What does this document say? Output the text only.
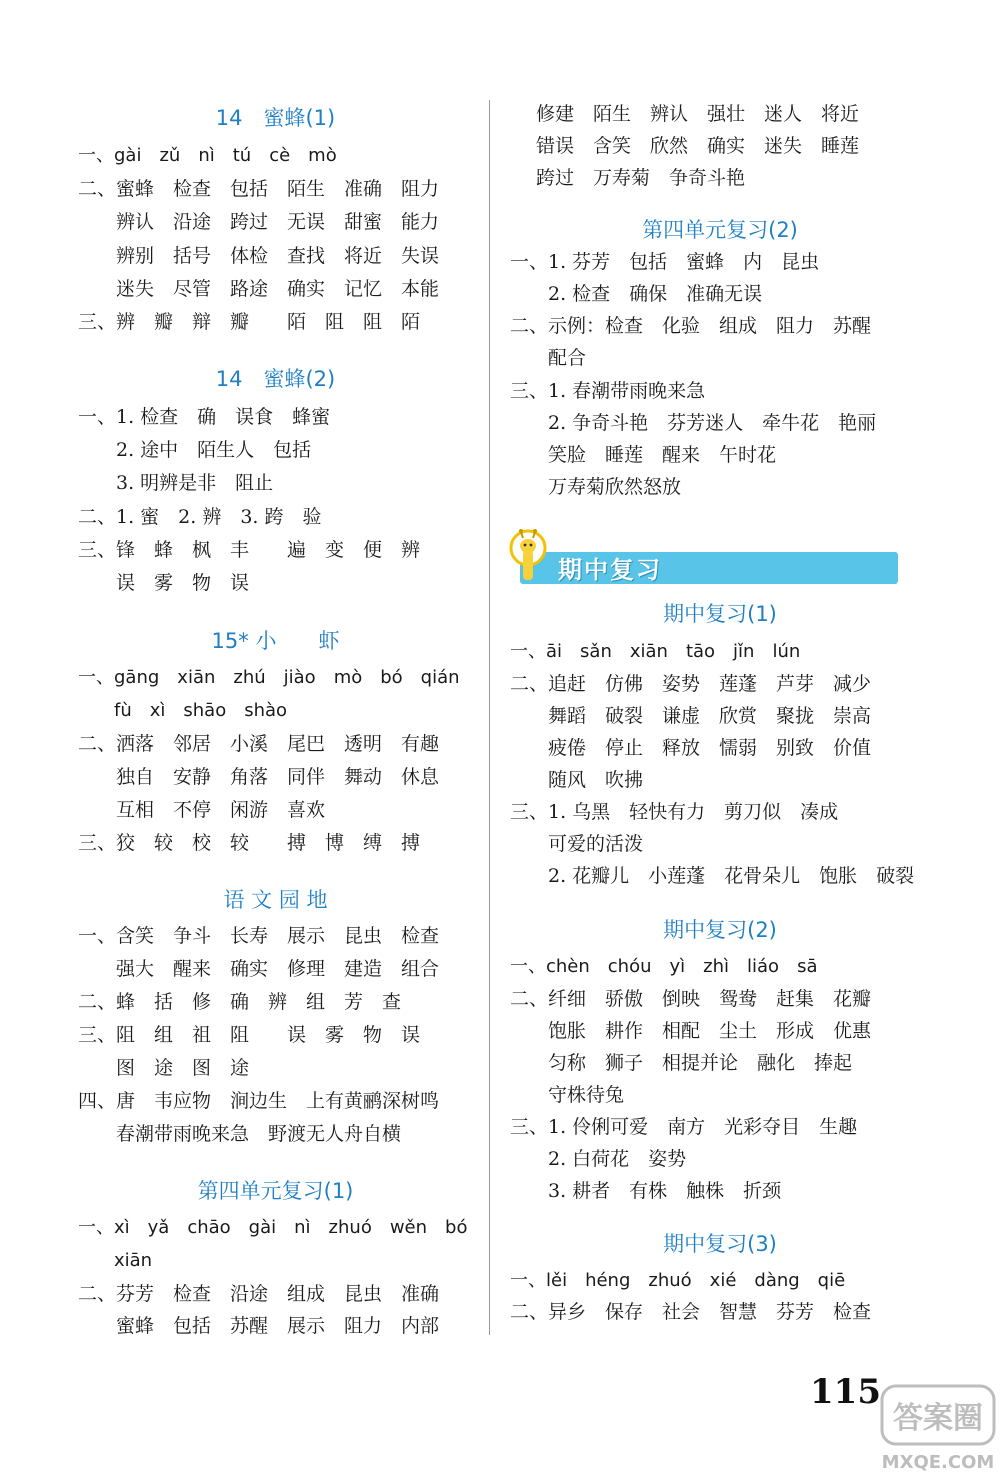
14　蜜蜂(1)
一、gài　zǔ　nì　tú　cè　mò
二、蜜蜂　检查　包括　陌生　准确　阻力
　　辨认　沿途　跨过　无误　甜蜜　能力
　　辨别　括号　体检　查找　将近　失误
　　迷失　尽管　路途　确实　记忆　本能
三、辨　瓣　辩　瓣　　陌　阻　阻　陌
14　蜜蜂(2)
一、1. 检查　确　误食　蜂蜜
　　2. 途中　陌生人　包括
　　3. 明辨是非　阻止
二、1. 蜜　2. 辨　3. 跨　验
三、锋　蜂　枫　丰　　遍　变　便　辨
　　误　雾　物　误
15* 小　　虾
一、gāng　xiān　zhú　jiào　mò　bó　qián
　　fù　xì　shāo　shào
二、洒落　邻居　小溪　尾巴　透明　有趣
　　独自　安静　角落　同伴　舞动　休息
　　互相　不停　闲游　喜欢
三、狡　较　校　较　　搏　博　缚　搏
语 文 园 地
一、含笑　争斗　长寿　展示　昆虫　检查
　　强大　醒来　确实　修理　建造　组合
二、蜂　括　修　确　辨　组　芳　查
三、阻　组　祖　阻　　误　雾　物　误
　　图　途　图　途
四、唐　韦应物　涧边生　上有黄鹂深树鸣
　　春潮带雨晚来急　野渡无人舟自横
第四单元复习(1)
一、xì　yǎ　chāo　gài　nì　zhuó　wěn　bó
　　xiān
二、芬芳　检查　沿途　组成　昆虫　准确
　　蜜蜂　包括　苏醒　展示　阻力　内部
　　修建　陌生　辨认　强壮　迷人　将近
　　错误　含笑　欣然　确实　迷失　睡莲
　　跨过　万寿菊　争奇斗艳
第四单元复习(2)
一、1. 芬芳　包括　蜜蜂　内　昆虫
　　2. 检查　确保　准确无误
二、示例：检查　化验　组成　阻力　苏醒
　　配合
三、1. 春潮带雨晚来急
　　2. 争奇斗艳　芬芳迷人　牵牛花　艳丽
　　笑脸　睡莲　醒来　午时花
　　万寿菊欣然怒放
期中复习
期中复习(1)
一、āi　sǎn　xiān　tāo　jǐn　lún
二、追赶　仿佛　姿势　莲蓬　芦芽　减少
　　舞蹈　破裂　谦虚　欣赏　聚拢　崇高
　　疲倦　停止　释放　懦弱　别致　价值
　　随风　吹拂
三、1. 乌黑　轻快有力　剪刀似　凑成
　　可爱的活泼
　　2. 花瓣儿　小莲蓬　花骨朵儿　饱胀　破裂
期中复习(2)
一、chèn　chóu　yì　zhì　liáo　sā
二、纤细　骄傲　倒映　鸳鸯　赶集　花瓣
　　饱胀　耕作　相配　尘土　形成　优惠
　　匀称　狮子　相提并论　融化　捧起
　　守株待兔
三、1. 伶俐可爱　南方　光彩夺目　生趣
　　2. 白荷花　姿势
　　3. 耕者　有株　触株　折颈
期中复习(3)
一、lěi　héng　zhuó　xié　dàng　qiē
二、异乡　保存　社会　智慧　芬芳　检查
115
答案圈
MXQE.COM
